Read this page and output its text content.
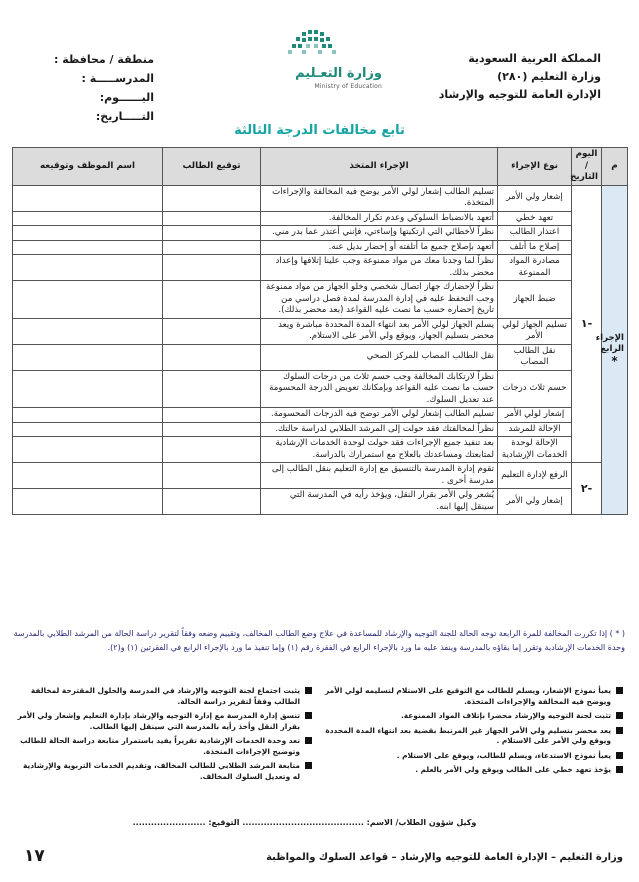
المملكة العربية السعودية
وزارة التعليم (٢٨٠)
الإدارة العامة للتوجيه والإرشاد
وزارة التعـليم
Ministry of Education
منطقة / محافظة :
المدرســـــة :
اليــــــوم:
التـــــاريخ:
تابع مخالفات الدرجة الثالثة
م	اليوم / التاريخ	نوع الإجراء	الإجراء المتخذ	توقيع الطالب	اسم الموظف وتوقيعه
الإجراء الرابع
*	-١	إشعار ولي الأمر	تسليم الطالب إشعار لولي الأمر يوضح فيه المخالفة والإجراءات المتخذة.		
		تعهد خطي	أتعهد بالانضباط السلوكي وعدم تكرار المخالفة.		
		اعتذار الطالب	نظراً لأخطائي التي ارتكبتها وإساءتي، فإنني أعتذر عما بدر مني.		
		إصلاح ما أتلف	أتعهد بإصلاح جميع ما أتلفته أو إحضار بديل عنه.		
		مصادرة المواد الممنوعة	نظراً لما وجدنا معك من مواد ممنوعة وجب علينا إتلافها وإعداد محضر بذلك.		
		ضبط الجهاز	نظراً لإحضارك جهاز اتصال شخصي وخلو الجهاز من مواد ممنوعة وجب التحفظ عليه في إدارة المدرسة لمدة فصل دراسي من تاريخ إحضاره حسب ما نصت عليه القواعد (بعد محضر بذلك).		
		تسليم الجهاز لولي الأمر	يسلم الجهاز لولي الأمر بعد انتهاء المدة المحددة مباشرة ويعد محضر بتسليم الجهاز، ويوقع ولي الأمر على الاستلام.		
		نقل الطالب المصاب	نقل الطالب المصاب للمركز الصحي		
		حسم ثلاث درجات	نظراً لارتكابك المخالفة وجب حسم ثلاث من درجات السلوك حسب ما نصت عليه القواعد وبإمكانك تعويض الدرجة المحسومة عند تعديل السلوك.		
		إشعار لولي الأمر	تسليم الطالب إشعار لولي الأمر توضح فيه الدرجات المحسومة.		
		الإحالة للمرشد	نظراً لمخالفتك فقد حولت إلى المرشد الطلابي لدراسة حالتك.		
		الإحالة لوحدة الخدمات الإرشادية	بعد تنفيذ جميع الإجراءات فقد حولت لوحدة الخدمات الإرشادية لمتابعتك ومساعدتك بالعلاج مع استمرارك بالدراسة.		
	-٢	الرفع لإدارة التعليم	تقوم إدارة المدرسة بالتنسيق مع إدارة التعليم بنقل الطالب إلى مدرسة أخرى .		
		إشعار ولي الأمر	يُشعر ولي الأمر بقرار النقل، ويؤخذ رأيه في المدرسة التي سينقل إليها ابنه.		
( * ) إذا تكررت المخالفة للمرة الرابعة توجه الحالة للجنة التوجيه والإرشاد للمساعدة في علاج وضع الطالب المخالف، وتقييم وضعه وفقاً لتقرير دراسة الحالة من المرشد الطلابي بالمدرسة وحدة الخدمات الإرشادية وتقرر إما بقاؤه بالمدرسة وينفذ عليه ما ورد بالإجراء الرابع في الفقرة رقم (١) وإما تنفيذ ما ورد بالإجراء الرابع في الفقرتين (١) و(٢).
يعبأ نموذج الإشعار، ويسلم للطالب مع التوقيع على الاستلام لتسليمه لولي الأمر ويوضح فيه المخالفة والإجراءات المتخذة.
تثبت لجنة التوجيه والإرشاد محضرا بإتلاف المواد الممنوعة.
يعد محضر بتسليم ولي الأمر الجهاز غير المرتبط بقضية بعد انتهاء المدة المحددة ويوقع ولي الأمر على الاستلام .
يعبأ نموذج الاستدعاء، ويسلم للطالب، ويوقع على الاستلام .
يؤخذ تعهد خطي على الطالب ويوقع ولي الأمر بالعلم .
يثبت اجتماع لجنة التوجيه والإرشاد في المدرسة والحلول المقترحة لمخالفة الطالب وفقاً لتقرير دراسة الحالة.
تنسق إدارة المدرسة مع إدارة التوجيه والإرشاد بإدارة التعليم وإشعار ولي الأمر بقرار النقل وأخذ رأيه بالمدرسة التي سينقل إليها الطالب.
تعد وحدة الخدمات الإرشادية تقريراً يفيد باستمرار متابعة دراسة الحالة للطالب وتوضيح الإجراءات المتخذة.
متابعة المرشد الطلابي للطالب المخالف، وتقديم الخدمات التربوية والإرشادية له وتعديل السلوك المخالف.
وكيل شؤون الطلاب/ الاسم: ........................................ التوقيع: ........................
وزارة التعليم – الإدارة العامة للتوجيه والإرشاد – قواعد السلوك والمواظبة
١٧
